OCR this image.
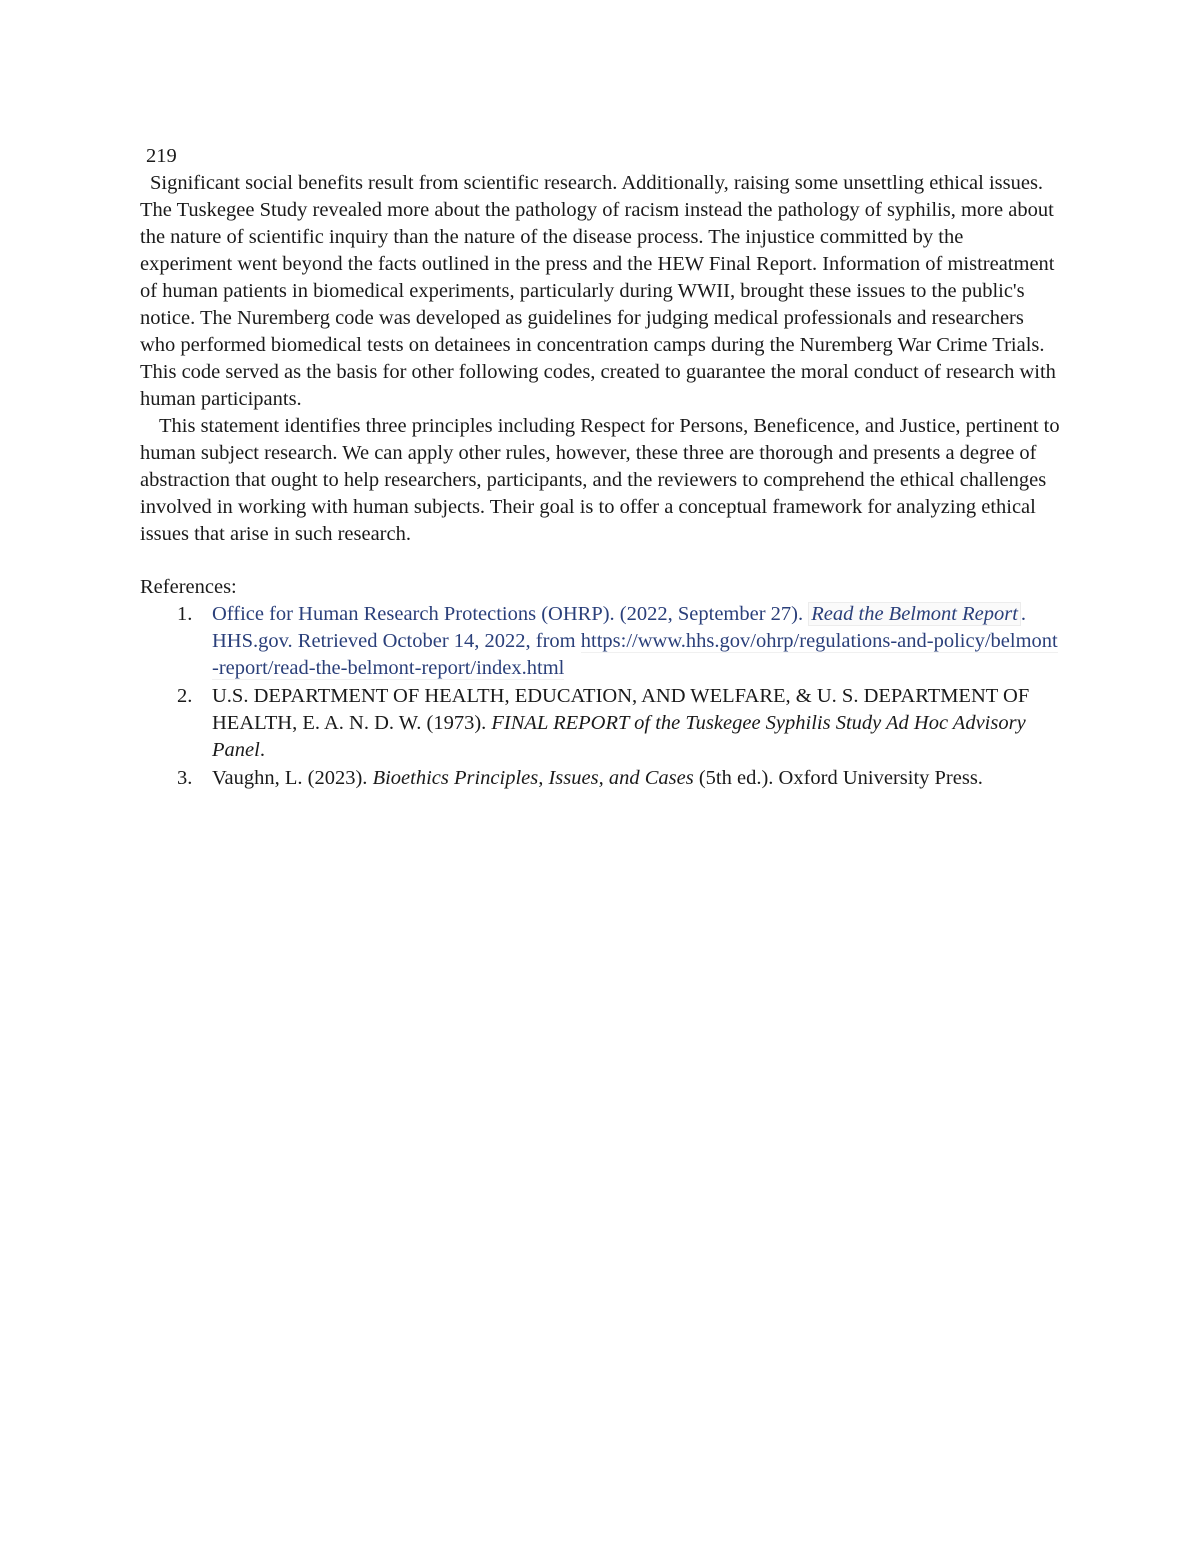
219

Significant social benefits result from scientific research. Additionally, raising some unsettling ethical issues. The Tuskegee Study revealed more about the pathology of racism instead the pathology of syphilis, more about the nature of scientific inquiry than the nature of the disease process. The injustice committed by the experiment went beyond the facts outlined in the press and the HEW Final Report. Information of mistreatment of human patients in biomedical experiments, particularly during WWII, brought these issues to the public's notice. The Nuremberg code was developed as guidelines for judging medical professionals and researchers who performed biomedical tests on detainees in concentration camps during the Nuremberg War Crime Trials. This code served as the basis for other following codes, created to guarantee the moral conduct of research with human participants.

This statement identifies three principles including Respect for Persons, Beneficence, and Justice, pertinent to human subject research. We can apply other rules, however, these three are thorough and presents a degree of abstraction that ought to help researchers, participants, and the reviewers to comprehend the ethical challenges involved in working with human subjects. Their goal is to offer a conceptual framework for analyzing ethical issues that arise in such research.

References:

1. Office for Human Research Protections (OHRP). (2022, September 27). Read the Belmont Report . HHS.gov. Retrieved October 14, 2022, from https://www.hhs.gov/ohrp/regulations-and-policy/belmont-report/read-the-belmont-report/index.html
2. U.S. DEPARTMENT OF HEALTH, EDUCATION, AND WELFARE, & U. S. DEPARTMENT OF HEALTH, E. A. N. D. W. (1973). FINAL REPORT of the Tuskegee Syphilis Study Ad Hoc Advisory Panel.
3. Vaughn, L. (2023). Bioethics Principles, Issues, and Cases (5th ed.). Oxford University Press.
